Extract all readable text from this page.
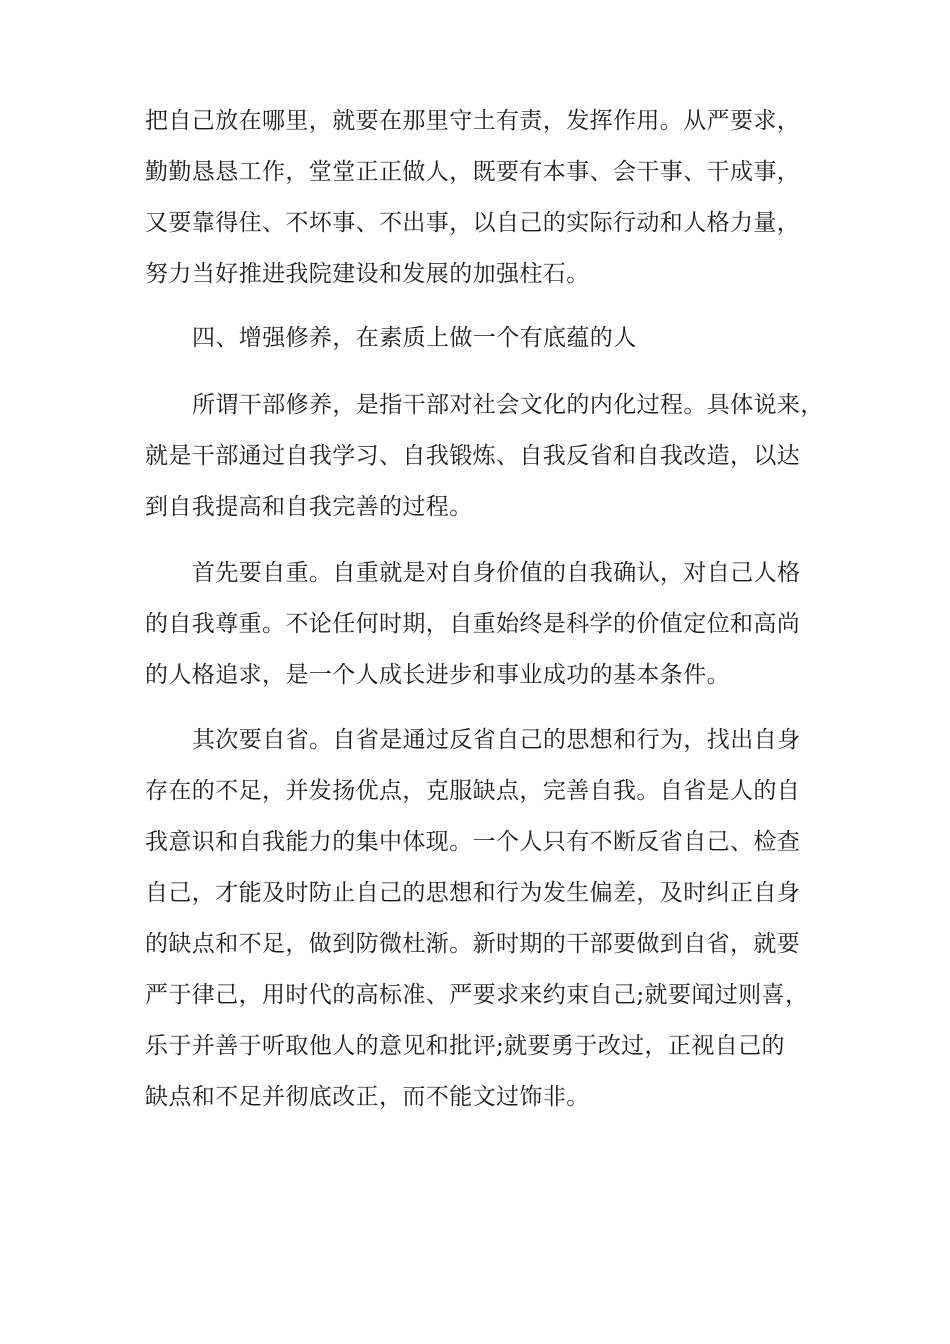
把自己放在哪里，就要在那里守土有责，发挥作用。从严要求，
勤勤恳恳工作，堂堂正正做人，既要有本事、会干事、干成事，
又要靠得住、不坏事、不出事，以自己的实际行动和人格力量，
努力当好推进我院建设和发展的加强柱石。
四、增强修养，在素质上做一个有底蕴的人
所谓干部修养，是指干部对社会文化的内化过程。具体说来，
就是干部通过自我学习、自我锻炼、自我反省和自我改造，以达
到自我提高和自我完善的过程。
首先要自重。自重就是对自身价值的自我确认，对自己人格
的自我尊重。不论任何时期，自重始终是科学的价值定位和高尚
的人格追求，是一个人成长进步和事业成功的基本条件。
其次要自省。自省是通过反省自己的思想和行为，找出自身
存在的不足，并发扬优点，克服缺点，完善自我。自省是人的自
我意识和自我能力的集中体现。一个人只有不断反省自己、检查
自己，才能及时防止自己的思想和行为发生偏差，及时纠正自身
的缺点和不足，做到防微杜渐。新时期的干部要做到自省，就要
严于律己，用时代的高标准、严要求来约束自己;就要闻过则喜，
乐于并善于听取他人的意见和批评;就要勇于改过，正视自己的
缺点和不足并彻底改正，而不能文过饰非。
